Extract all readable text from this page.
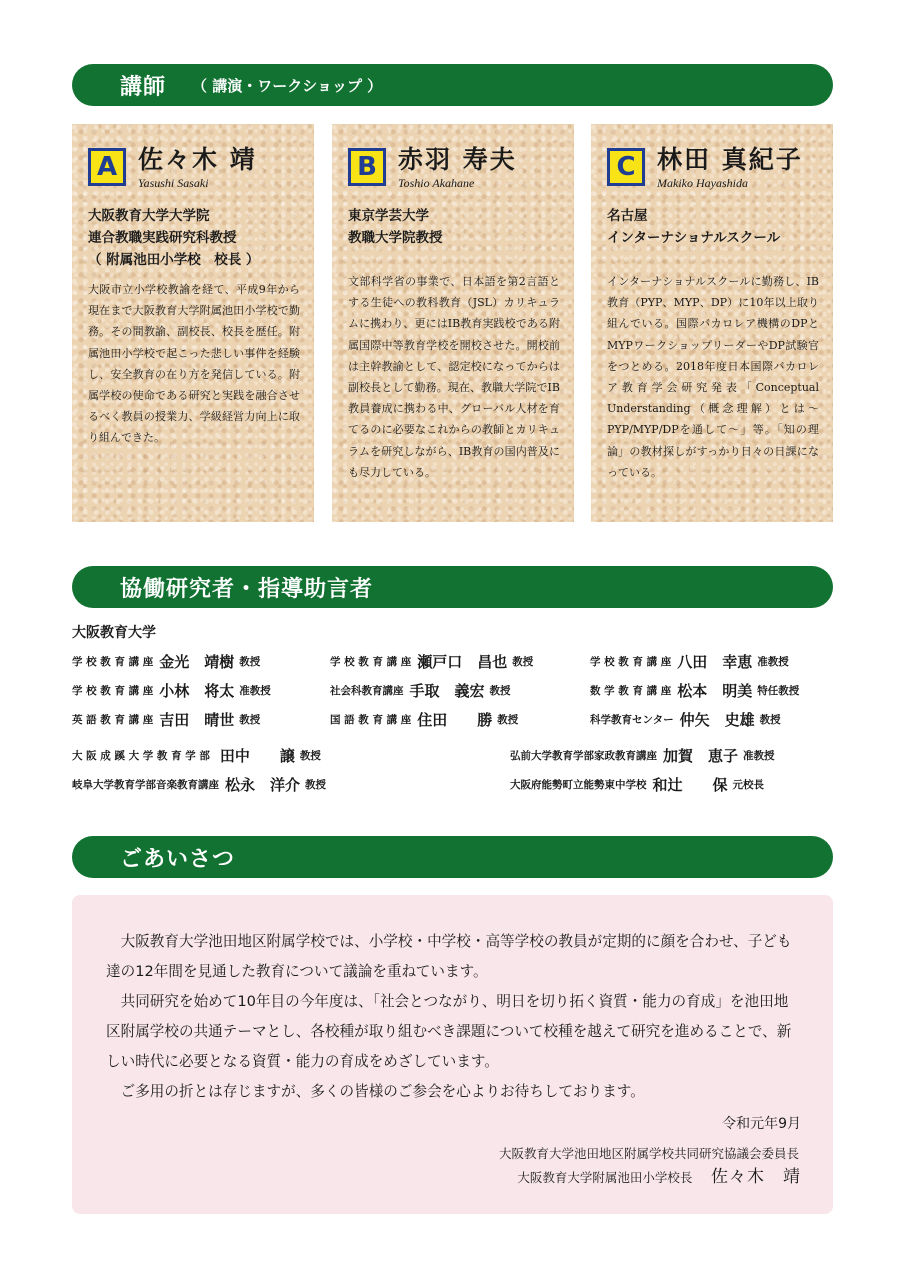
講師 （ 講演・ワークショップ ）
A 佐々木 靖
Yasushi Sasaki
大阪教育大学大学院
連合教職実践研究科教授
（ 附属池田小学校　校長 ）
大阪市立小学校教諭を経て、平成9年から現在まで大阪教育大学附属池田小学校で勤務。その間教諭、副校長、校長を歴任。附属池田小学校で起こった悲しい事件を経験し、安全教育の在り方を発信している。附属学校の使命である研究と実践を融合させるべく教員の授業力、学級経営力向上に取り組んできた。
B 赤羽 寿夫
Toshio Akahane
東京学芸大学
教職大学院教授
文部科学省の事業で、日本語を第2言語とする生徒への教科教育（JSL）カリキュラムに携わり、更にはIB教育実践校である附属国際中等教育学校を開校させた。開校前は主幹教諭として、認定校になってからは副校長として勤務。現在、教職大学院でIB教員養成に携わる中、グローバル人材を育てるのに必要なこれからの教師とカリキュラムを研究しながら、IB教育の国内普及にも尽力している。
C 林田 真紀子
Makiko Hayashida
名古屋
インターナショナルスクール
インターナショナルスクールに勤務し、IB教育（PYP、MYP、DP）に10年以上取り組んでいる。国際バカロレア機構のDPとMYPワークショップリーダーやDP試験官をつとめる。2018年度日本国際バカロレア教育学会研究発表「Conceptual Understanding（概念理解）とは〜PYP/MYP/DPを通して〜」等。「知の理論」の教材探しがすっかり日々の日課になっている。
協働研究者・指導助言者
大阪教育大学
学 校 教 育 講 座 金光　靖樹 教授	学 校 教 育 講 座 瀬戸口　昌也 教授	学 校 教 育 講 座 八田　幸恵 准教授
学 校 教 育 講 座 小林　将太 准教授	社会科教育講座 手取　義宏 教授	数 学 教 育 講 座 松本　明美 特任教授
英 語 教 育 講 座 吉田　晴世 教授	国 語 教 育 講 座 住田　　勝 教授	科学教育センター 仲矢　史雄 教授
大 阪 成 蹊 大 学 教 育 学 部 田中　　譲 教授	弘前大学教育学部家政教育講座 加賀　恵子 准教授
岐阜大学教育学部音楽教育講座 松永　洋介 教授	大阪府能勢町立能勢東中学校 和辻　　保 元校長
ごあいさつ

大阪教育大学池田地区附属学校では、小学校・中学校・高等学校の教員が定期的に顔を合わせ、子ども達の12年間を見通した教育について議論を重ねています。

共同研究を始めて10年目の今年度は、「社会とつながり、明日を切り拓く資質・能力の育成」を池田地区附属学校の共通テーマとし、各校種が取り組むべき課題について校種を越えて研究を進めることで、新しい時代に必要となる資質・能力の育成をめざしています。

ご多用の折とは存じますが、多くの皆様のご参会を心よりお待ちしております。

令和元年9月
大阪教育大学池田地区附属学校共同研究協議会委員長
大阪教育大学附属池田小学校長 佐々木　靖
